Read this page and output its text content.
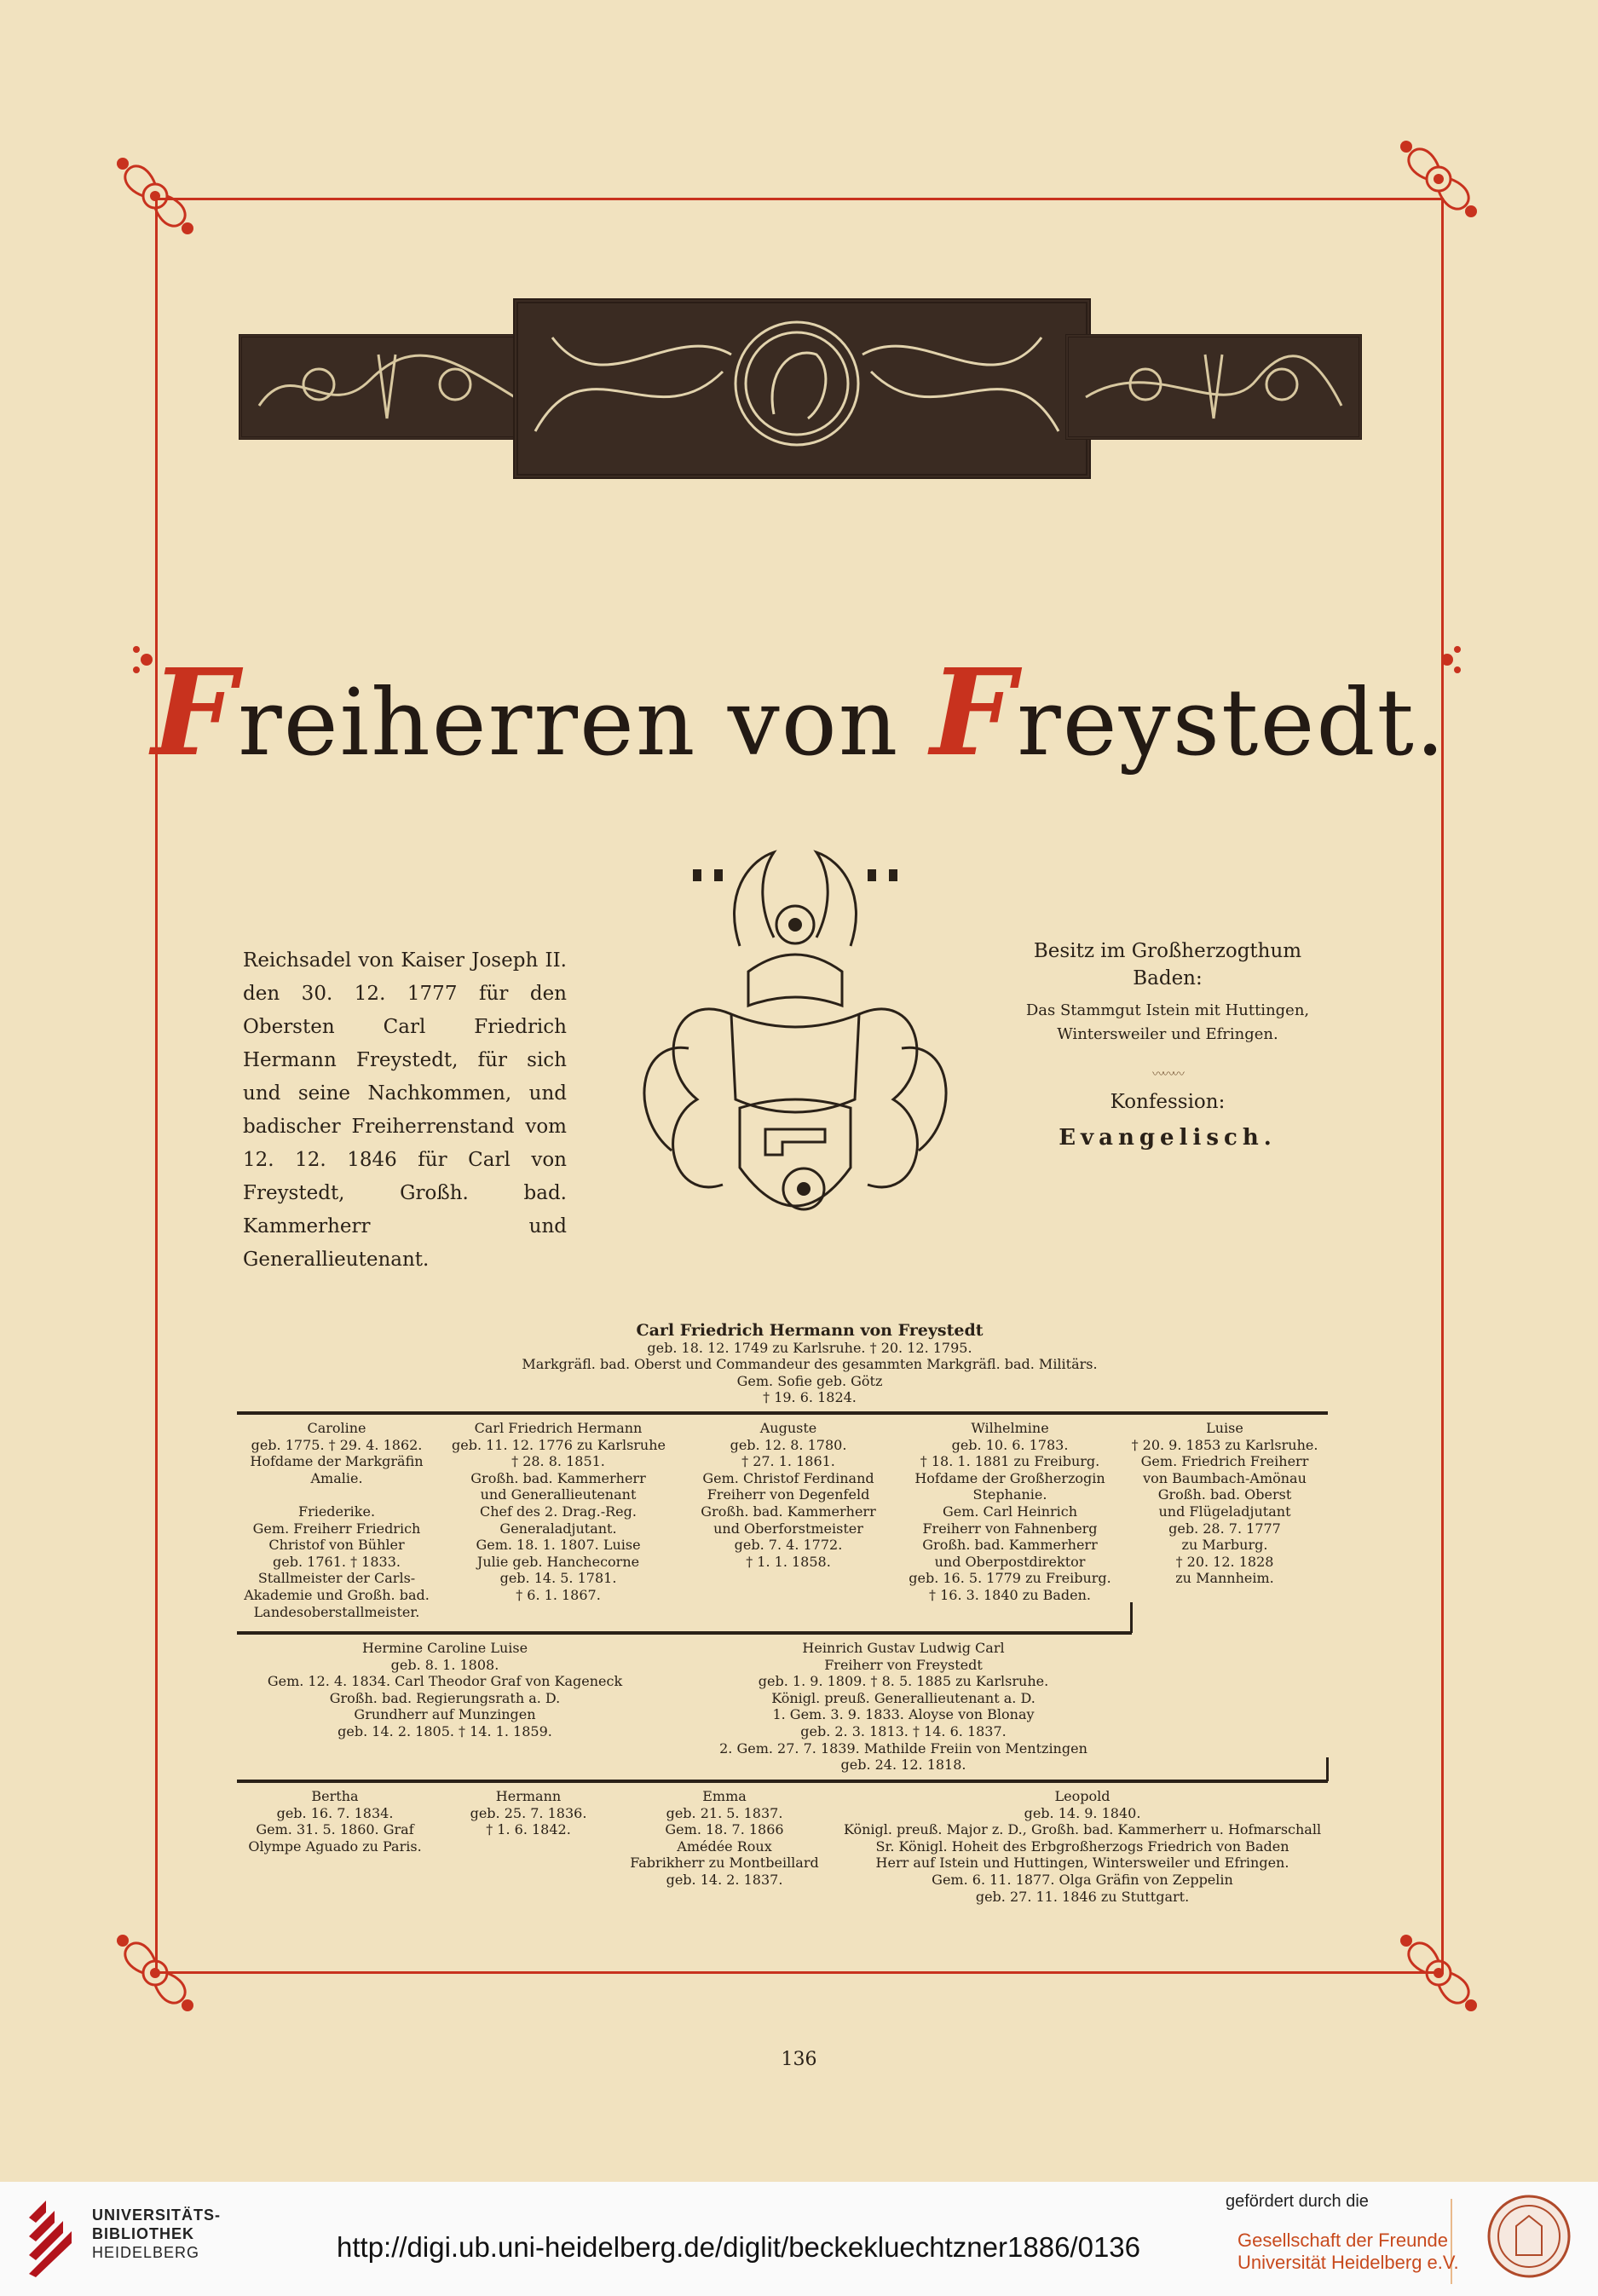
Freiherren von Freystedt.
Reichsadel von Kaiser Joseph II. den 30. 12. 1777 für den Obersten Carl Friedrich Hermann Freystedt, für sich und seine Nachkommen, und badischer Freiherrenstand vom 12. 12. 1846 für Carl von Freystedt, Großh. bad. Kammerherr und Generallieutenant.
Besitz im Großherzogthum
Baden:
Das Stammgut Istein mit Huttingen,
Wintersweiler und Efringen.
〰〰〰
Konfession:
Evangelisch.
Carl Friedrich Hermann von Freystedt
geb. 18. 12. 1749 zu Karlsruhe. † 20. 12. 1795.
Markgräfl. bad. Oberst und Commandeur des gesammten Markgräfl. bad. Militärs.
Gem. Sofie geb. Götz
† 19. 6. 1824.
Caroline
geb. 1775. † 29. 4. 1862.
Hofdame der Markgräfin
Amalie.

Friederike.
Gem. Freiherr Friedrich
Christof von Bühler
geb. 1761. † 1833.
Stallmeister der Carls-
Akademie und Großh. bad.
Landesoberstallmeister.
Carl Friedrich Hermann
geb. 11. 12. 1776 zu Karlsruhe
† 28. 8. 1851.
Großh. bad. Kammerherr
und Generallieutenant
Chef des 2. Drag.-Reg.
Generaladjutant.
Gem. 18. 1. 1807. Luise
Julie geb. Hanchecorne
geb. 14. 5. 1781.
† 6. 1. 1867.
Auguste
geb. 12. 8. 1780.
† 27. 1. 1861.
Gem. Christof Ferdinand
Freiherr von Degenfeld
Großh. bad. Kammerherr
und Oberforstmeister
geb. 7. 4. 1772.
† 1. 1. 1858.
Wilhelmine
geb. 10. 6. 1783.
† 18. 1. 1881 zu Freiburg.
Hofdame der Großherzogin
Stephanie.
Gem. Carl Heinrich
Freiherr von Fahnenberg
Großh. bad. Kammerherr
und Oberpostdirektor
geb. 16. 5. 1779 zu Freiburg.
† 16. 3. 1840 zu Baden.
Luise
† 20. 9. 1853 zu Karlsruhe.
Gem. Friedrich Freiherr
von Baumbach-Amönau
Großh. bad. Oberst
und Flügeladjutant
geb. 28. 7. 1777
zu Marburg.
† 20. 12. 1828
zu Mannheim.
Hermine Caroline Luise
geb. 8. 1. 1808.
Gem. 12. 4. 1834. Carl Theodor Graf von Kageneck
Großh. bad. Regierungsrath a. D.
Grundherr auf Munzingen
geb. 14. 2. 1805. † 14. 1. 1859.
Heinrich Gustav Ludwig Carl
Freiherr von Freystedt
geb. 1. 9. 1809. † 8. 5. 1885 zu Karlsruhe.
Königl. preuß. Generallieutenant a. D.
1. Gem. 3. 9. 1833. Aloyse von Blonay
geb. 2. 3. 1813. † 14. 6. 1837.
2. Gem. 27. 7. 1839. Mathilde Freiin von Mentzingen
geb. 24. 12. 1818.
Bertha
geb. 16. 7. 1834.
Gem. 31. 5. 1860. Graf
Olympe Aguado zu Paris.
Hermann
geb. 25. 7. 1836.
† 1. 6. 1842.
Emma
geb. 21. 5. 1837.
Gem. 18. 7. 1866
Amédée Roux
Fabrikherr zu Montbeillard
geb. 14. 2. 1837.
Leopold
geb. 14. 9. 1840.
Königl. preuß. Major z. D., Großh. bad. Kammerherr u. Hofmarschall
Sr. Königl. Hoheit des Erbgroßherzogs Friedrich von Baden
Herr auf Istein und Huttingen, Wintersweiler und Efringen.
Gem. 6. 11. 1877. Olga Gräfin von Zeppelin
geb. 27. 11. 1846 zu Stuttgart.
136
UNIVERSITÄTS-
BIBLIOTHEK
HEIDELBERG	http://digi.ub.uni-heidelberg.de/diglit/beckekluechtzner1886/0136
gefördert durch die
Gesellschaft der Freunde
Universität Heidelberg e.V.
